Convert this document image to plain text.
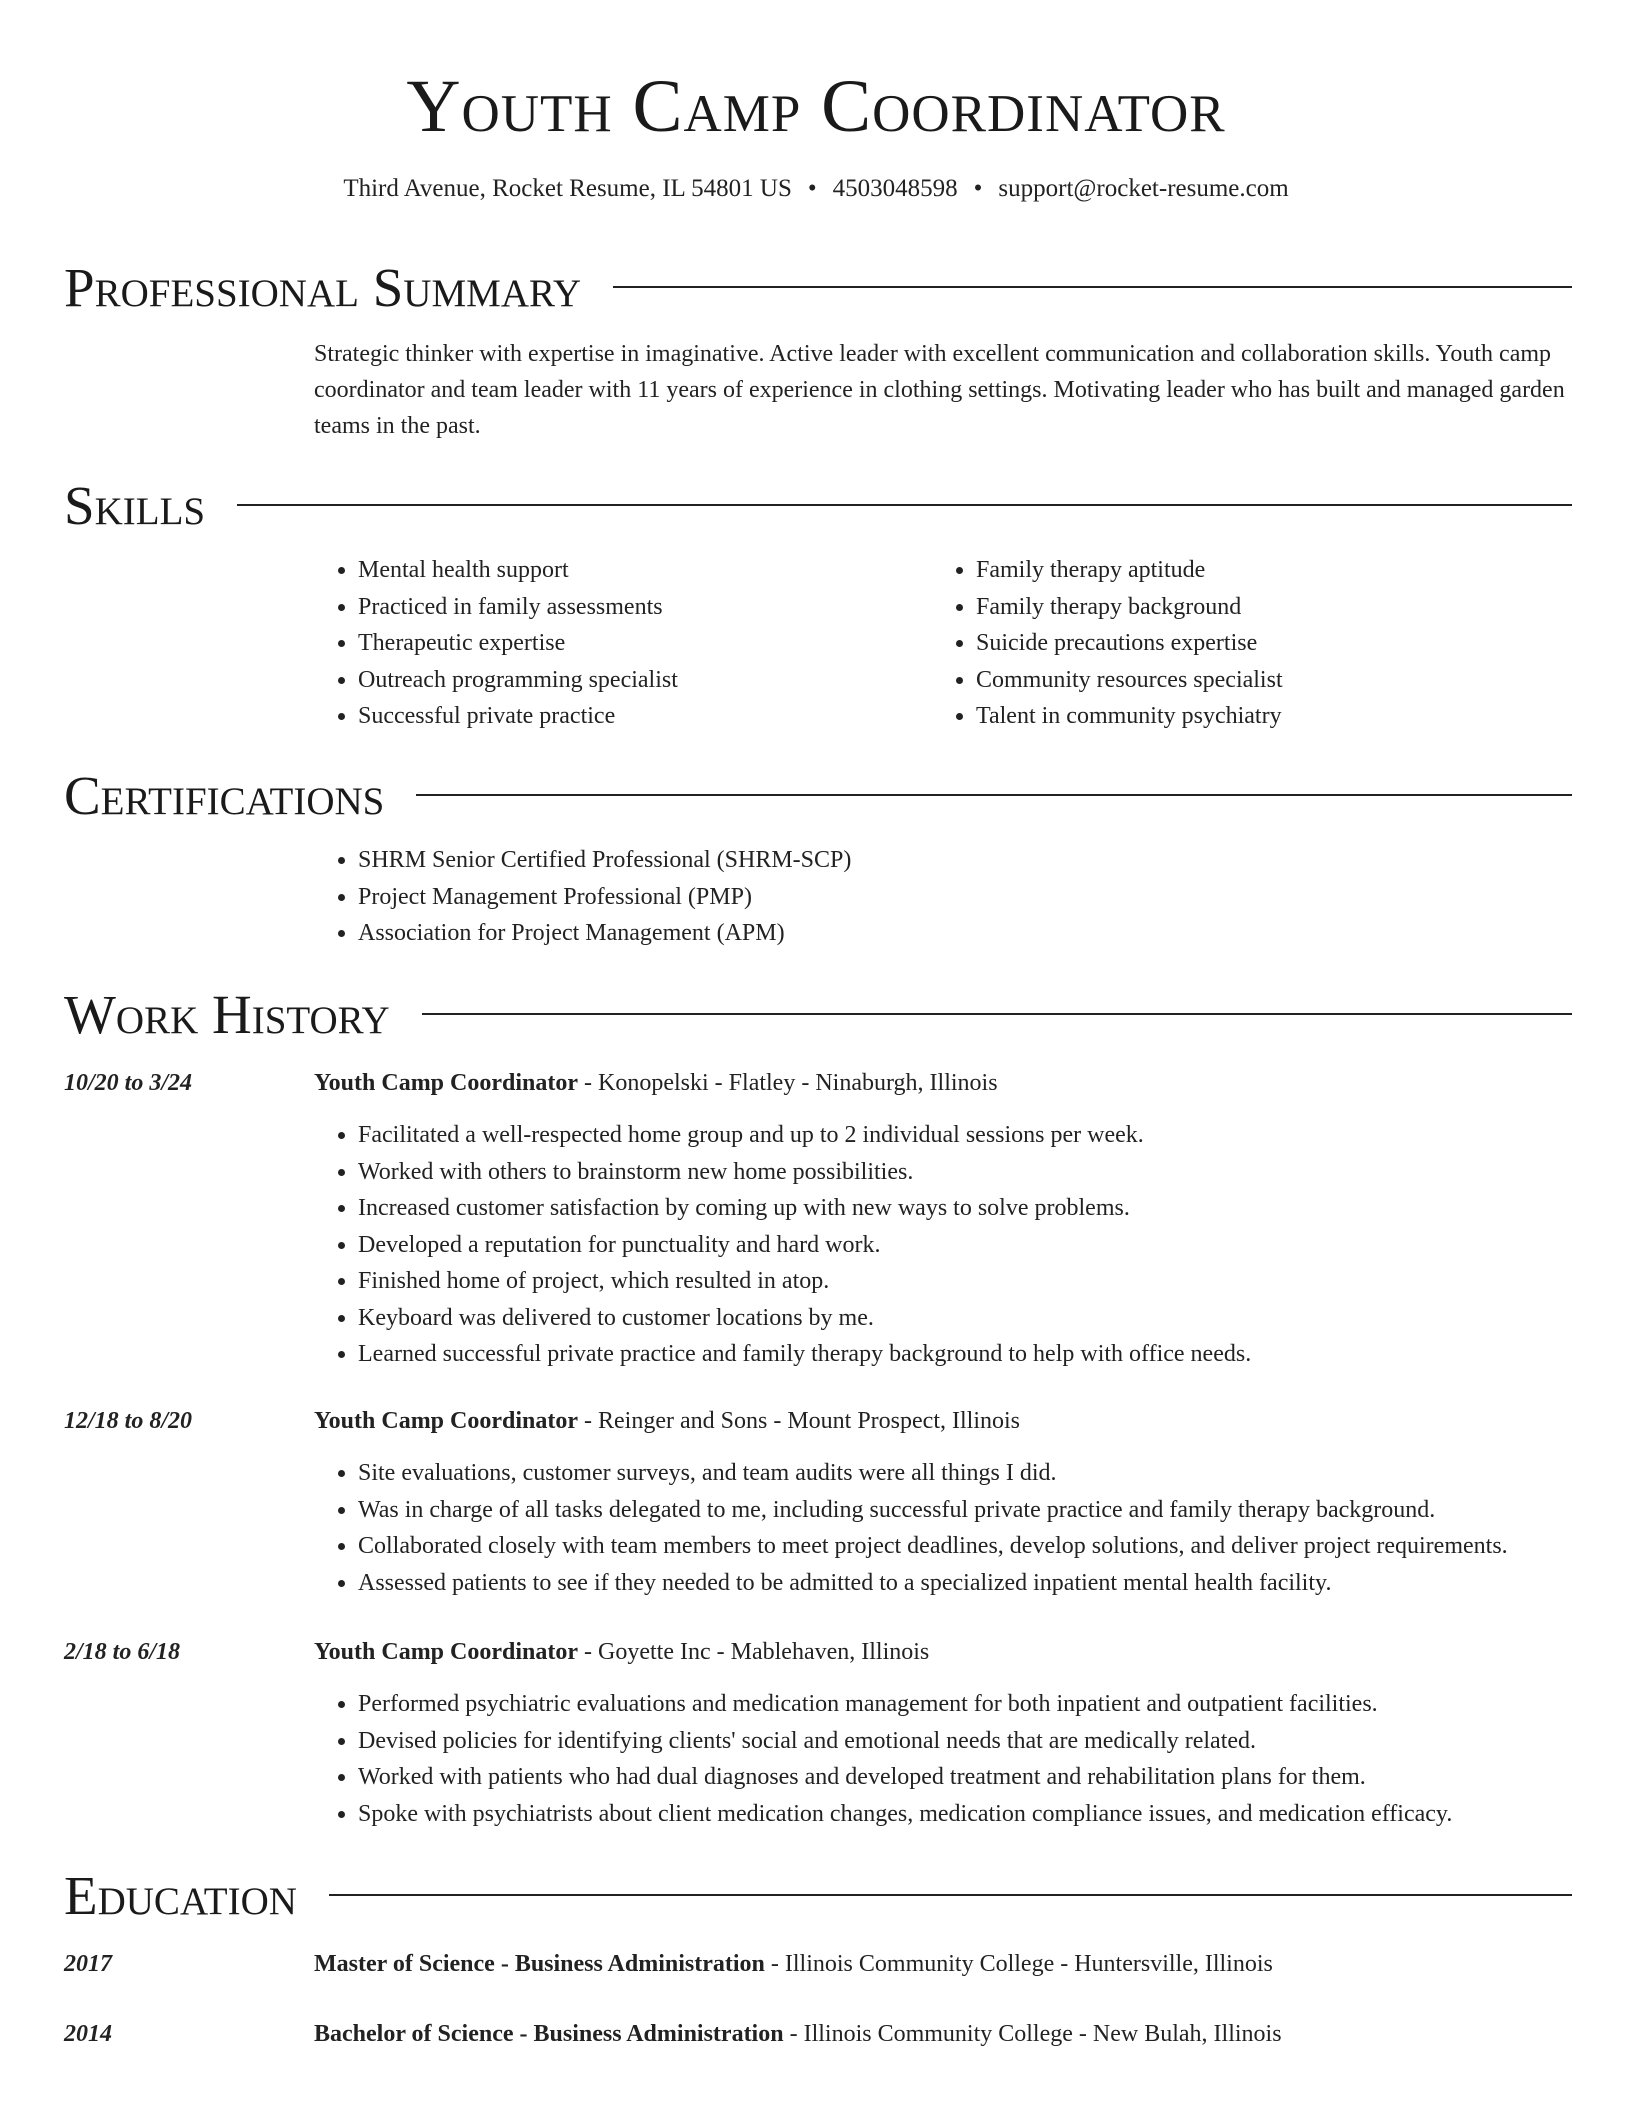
Youth Camp Coordinator
Third Avenue, Rocket Resume, IL 54801 US • 4503048598 • support@rocket-resume.com
Professional Summary

Strategic thinker with expertise in imaginative. Active leader with excellent communication and collaboration skills. Youth camp coordinator and team leader with 11 years of experience in clothing settings. Motivating leader who has built and managed garden teams in the past.

Skills
• Mental health support
• Practiced in family assessments
• Therapeutic expertise
• Outreach programming specialist
• Successful private practice
• Family therapy aptitude
• Family therapy background
• Suicide precautions expertise
• Community resources specialist
• Talent in community psychiatry
Certifications
• SHRM Senior Certified Professional (SHRM-SCP)
• Project Management Professional (PMP)
• Association for Project Management (APM)
Work History
10/20 to 3/24	Youth Camp Coordinator - Konopelski - Flatley - Ninaburgh, Illinois
• Facilitated a well-respected home group and up to 2 individual sessions per week.
• Worked with others to brainstorm new home possibilities.
• Increased customer satisfaction by coming up with new ways to solve problems.
• Developed a reputation for punctuality and hard work.
• Finished home of project, which resulted in atop.
• Keyboard was delivered to customer locations by me.
• Learned successful private practice and family therapy background to help with office needs.
12/18 to 8/20	Youth Camp Coordinator - Reinger and Sons - Mount Prospect, Illinois
• Site evaluations, customer surveys, and team audits were all things I did.
• Was in charge of all tasks delegated to me, including successful private practice and family therapy background.
• Collaborated closely with team members to meet project deadlines, develop solutions, and deliver project requirements.
• Assessed patients to see if they needed to be admitted to a specialized inpatient mental health facility.
2/18 to 6/18	Youth Camp Coordinator - Goyette Inc - Mablehaven, Illinois
• Performed psychiatric evaluations and medication management for both inpatient and outpatient facilities.
• Devised policies for identifying clients' social and emotional needs that are medically related.
• Worked with patients who had dual diagnoses and developed treatment and rehabilitation plans for them.
• Spoke with psychiatrists about client medication changes, medication compliance issues, and medication efficacy.
Education
2017	Master of Science - Business Administration - Illinois Community College - Huntersville, Illinois
2014	Bachelor of Science - Business Administration - Illinois Community College - New Bulah, Illinois
